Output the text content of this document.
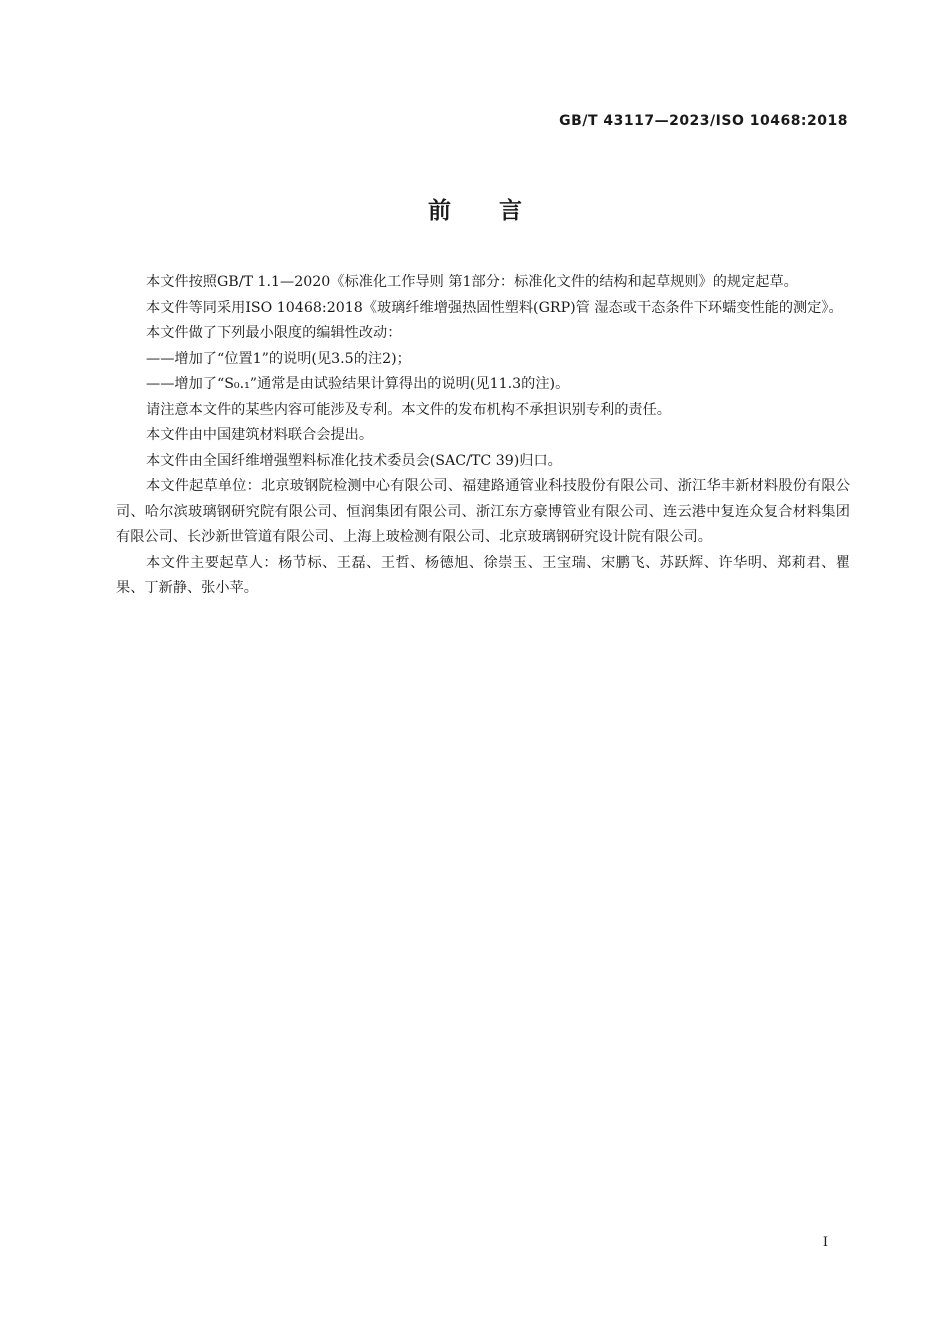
GB/T 43117—2023/ISO 10468:2018
前言

本文件按照GB/T 1.1—2020《标准化工作导则 第1部分：标准化文件的结构和起草规则》的规定起草。

本文件等同采用ISO 10468:2018《玻璃纤维增强热固性塑料(GRP)管 湿态或干态条件下环蠕变性能的测定》。

本文件做了下列最小限度的编辑性改动：

——增加了“位置1”的说明(见3.5的注2)；

——增加了“S₀.₁”通常是由试验结果计算得出的说明(见11.3的注)。

请注意本文件的某些内容可能涉及专利。本文件的发布机构不承担识别专利的责任。

本文件由中国建筑材料联合会提出。

本文件由全国纤维增强塑料标准化技术委员会(SAC/TC 39)归口。

本文件起草单位：北京玻钢院检测中心有限公司、福建路通管业科技股份有限公司、浙江华丰新材料股份有限公司、哈尔滨玻璃钢研究院有限公司、恒润集团有限公司、浙江东方豪博管业有限公司、连云港中复连众复合材料集团有限公司、长沙新世管道有限公司、上海上玻检测有限公司、北京玻璃钢研究设计院有限公司。

本文件主要起草人：杨节标、王磊、王哲、杨德旭、徐崇玉、王宝瑞、宋鹏飞、苏跃辉、许华明、郑莉君、瞿果、丁新静、张小苹。

I
